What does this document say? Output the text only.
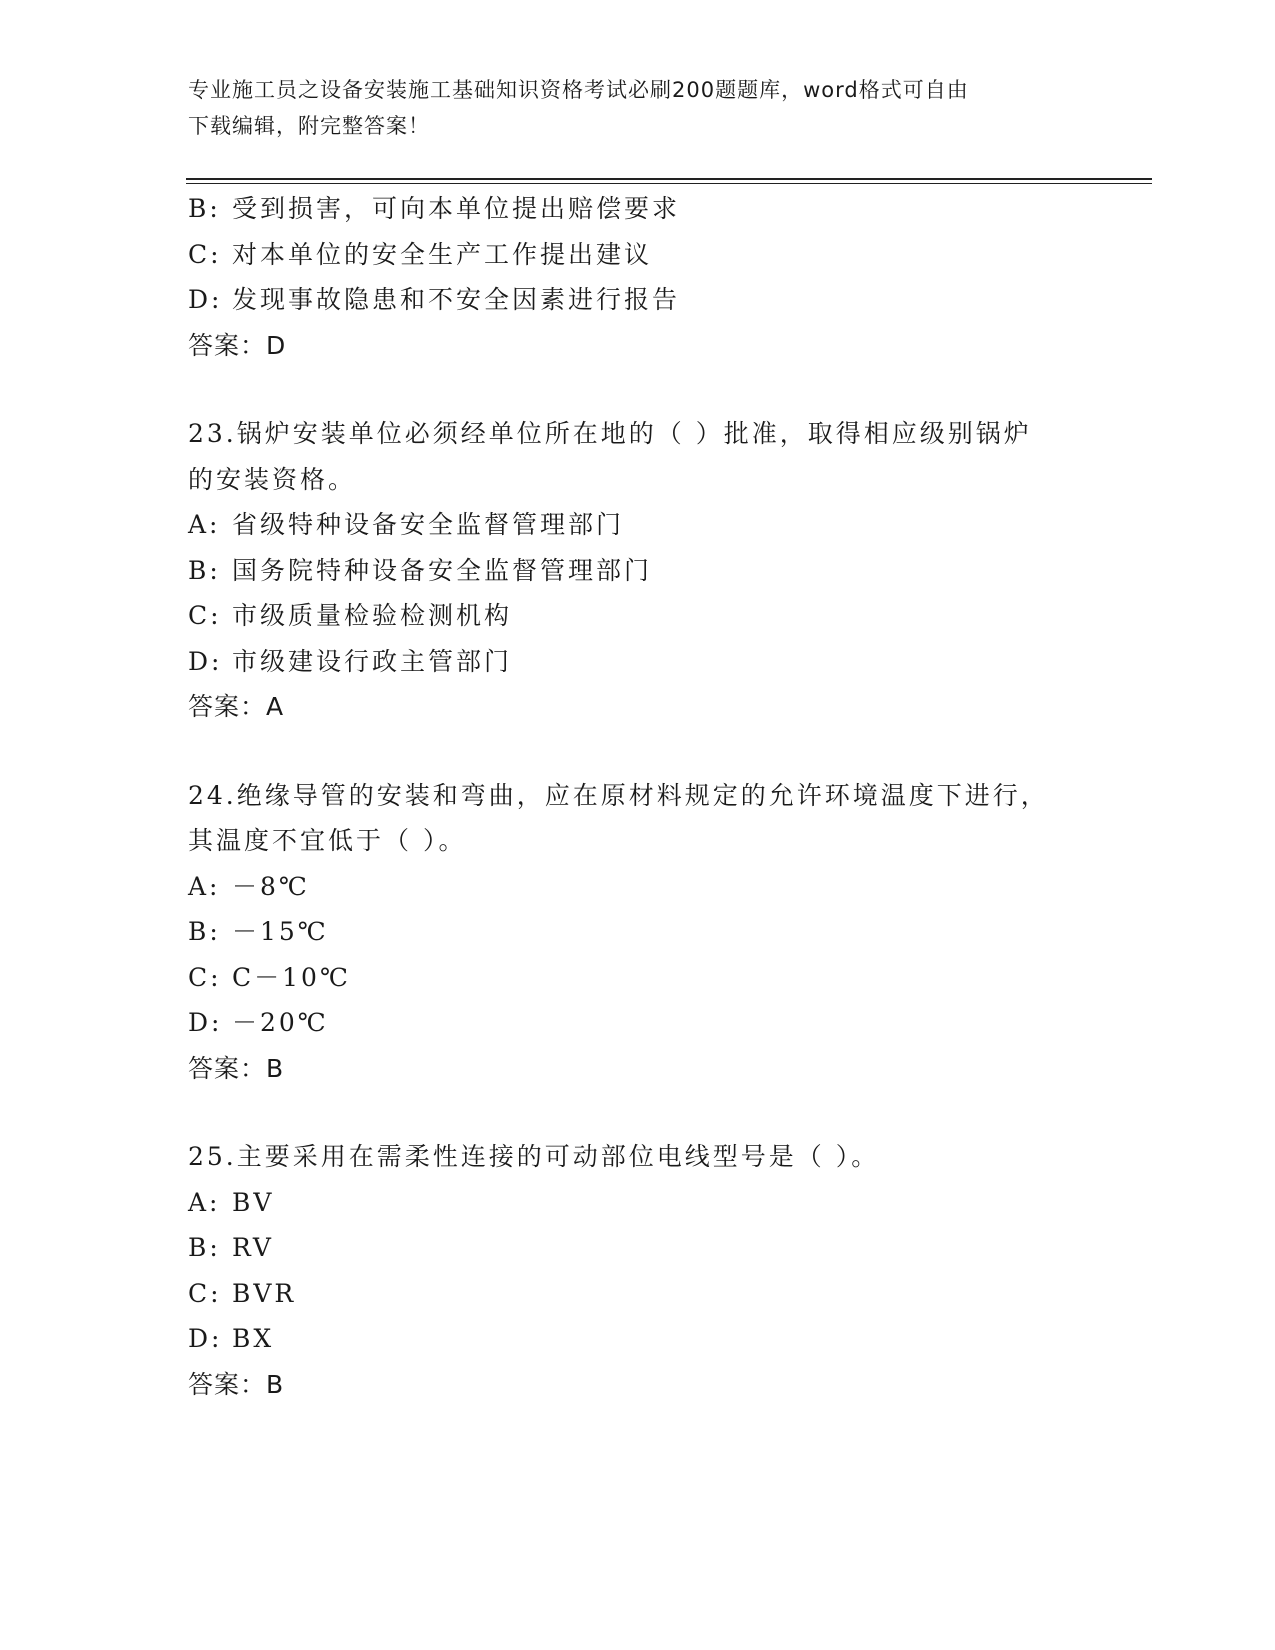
专业施工员之设备安装施工基础知识资格考试必刷200题题库，word格式可自由
下载编辑，附完整答案！
B: 受到损害，可向本单位提出赔偿要求
C: 对本单位的安全生产工作提出建议
D: 发现事故隐患和不安全因素进行报告
答案：D
23.锅炉安装单位必须经单位所在地的（ ）批准，取得相应级别锅炉
的安装资格。
A: 省级特种设备安全监督管理部门
B: 国务院特种设备安全监督管理部门
C: 市级质量检验检测机构
D: 市级建设行政主管部门
答案：A
24.绝缘导管的安装和弯曲，应在原材料规定的允许环境温度下进行，
其温度不宜低于（ ）。
A: －8℃
B: －15℃
C: C－10℃
D: －20℃
答案：B
25.主要采用在需柔性连接的可动部位电线型号是（ ）。
A: BV
B: RV
C: BVR
D: BX
答案：B
